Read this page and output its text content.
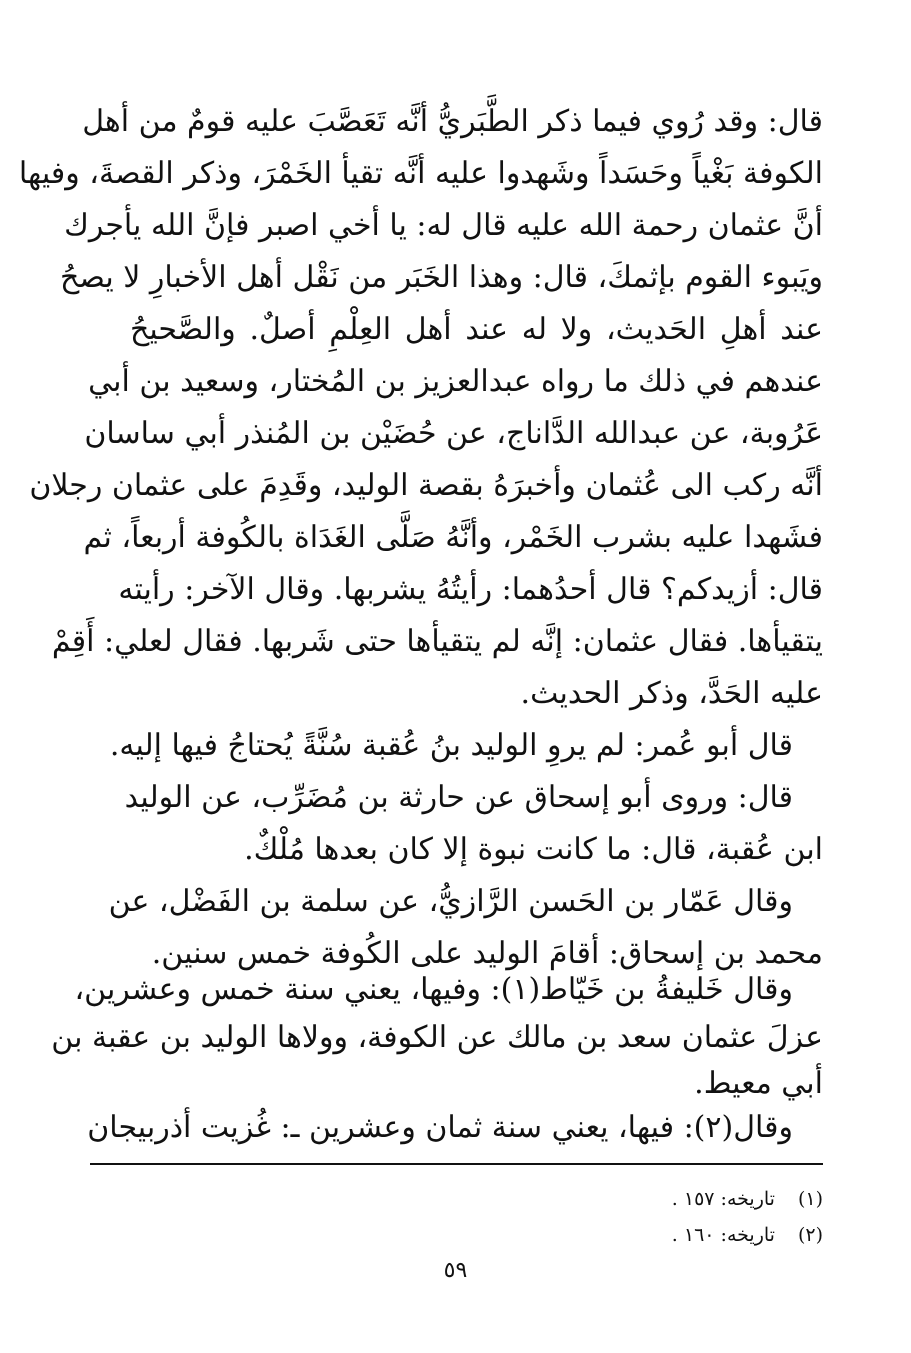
قال: وقد رُوي فيما ذكر الطَّبَريُّ أنَّه تَعَصَّبَ عليه قومٌ من أهل
الكوفة بَغْياً وحَسَداً وشَهدوا عليه أنَّه تقيأ الخَمْرَ، وذكر القصةَ، وفيها
أنَّ عثمان رحمة الله عليه قال له: يا أخي اصبر فإنَّ الله يأجرك
ويَبوء القوم بإثمكَ، قال: وهذا الخَبَر من نَقْل أهل الأخبارِ لا يصحُ
عند أهلِ الحَديث، ولا له عند أهل العِلْمِ أصلٌ. والصَّحيحُ
عندهم في ذلك ما رواه عبدالعزيز بن المُختار، وسعيد بن أبي
عَرُوبة، عن عبدالله الدَّاناج، عن حُضَيْن بن المُنذر أبي ساسان
أنَّه ركب الى عُثمان وأخبرَهُ بقصة الوليد، وقَدِمَ على عثمان رجلان
فشَهدا عليه بشرب الخَمْر، وأنَّهُ صَلَّى الغَدَاة بالكُوفة أربعاً، ثم
قال: أزيدكم؟ قال أحدُهما: رأيتُهُ يشربها. وقال الآخر: رأيته
يتقيأها. فقال عثمان: إنَّه لم يتقيأها حتى شَربها. فقال لعلي: أَقِمْ
عليه الحَدَّ، وذكر الحديث.
قال أبو عُمر: لم يروِ الوليد بنُ عُقبة سُنَّةً يُحتاجُ فيها إليه.
قال: وروى أبو إسحاق عن حارثة بن مُضَرِّب، عن الوليد
ابن عُقبة، قال: ما كانت نبوة إلا كان بعدها مُلْكٌ.
وقال عَمّار بن الحَسن الرَّازيُّ، عن سلمة بن الفَضْل، عن
محمد بن إسحاق: أقامَ الوليد على الكُوفة خمس سنين.
وقال خَليفةُ بن خَيّاط(١): وفيها، يعني سنة خمس وعشرين،
عزلَ عثمان سعد بن مالك عن الكوفة، وولاها الوليد بن عقبة بن
أبي معيط.
وقال(٢): فيها، يعني سنة ثمان وعشرين ـ: غُزيت أذربيجان
(١) تاريخه: ١٥٧ .
(٢) تاريخه: ١٦٠ .
٥٩
